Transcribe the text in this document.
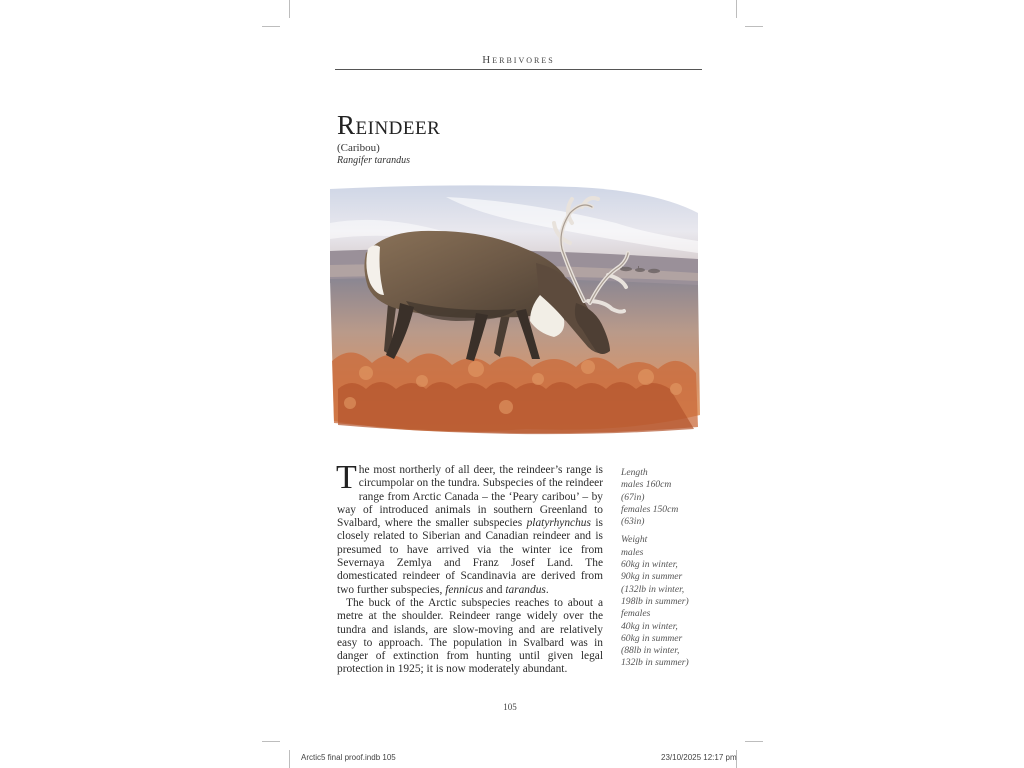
Herbivores
Reindeer
(Caribou)
Rangifer tarandus

The most northerly of all deer, the reindeer’s range is circumpolar on the tundra. Subspecies of the reindeer range from Arctic Canada – the ‘Peary caribou’ – by way of introduced animals in southern Greenland to Svalbard, where the smaller subspecies platyrhynchus is closely related to Siberian and Canadian reindeer and is presumed to have arrived via the winter ice from Severnaya Zemlya and Franz Josef Land. The domesticated reindeer of Scandinavia are derived from two further subspecies, fennicus and tarandus.

The buck of the Arctic subspecies reaches to about a metre at the shoulder. Reindeer range widely over the tundra and islands, are slow-moving and are relatively easy to approach. The population in Svalbard was in danger of extinction from hunting until given legal protection in 1925; it is now moderately abundant.

Length
males 160cm
(67in)
females 150cm
(63in)
Weight
males
60kg in winter,
90kg in summer
(132lb in winter,
198lb in summer)
females
40kg in winter,
60kg in summer
(88lb in winter,
132lb in summer)
105
Arctic5 final proof.indb 105	23/10/2025 12:17 pm
